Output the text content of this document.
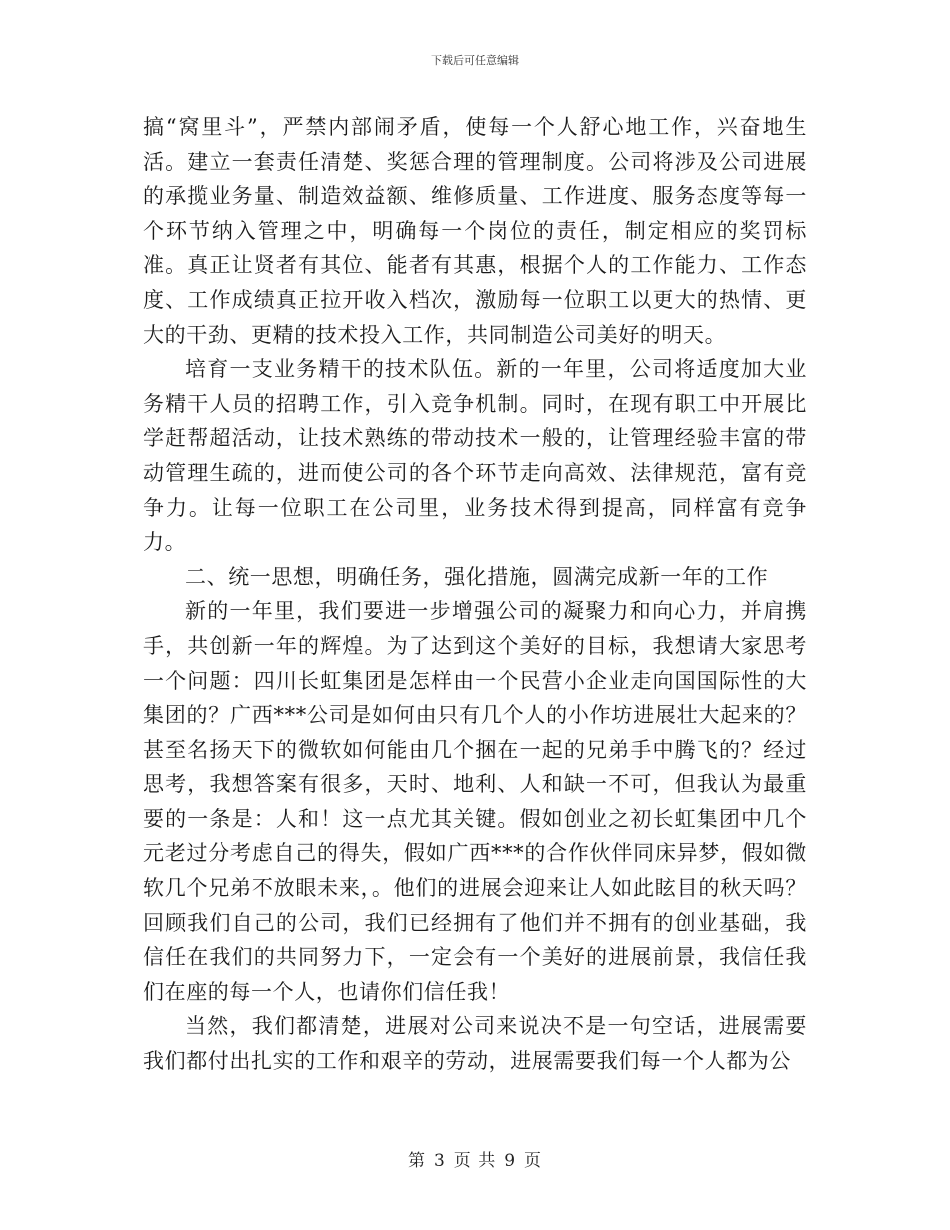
下载后可任意编辑

搞“窝里斗”，严禁内部闹矛盾，使每一个人舒心地工作，兴奋地生活。建立一套责任清楚、奖惩合理的管理制度。公司将涉及公司进展的承揽业务量、制造效益额、维修质量、工作进度、服务态度等每一个环节纳入管理之中，明确每一个岗位的责任，制定相应的奖罚标准。真正让贤者有其位、能者有其惠，根据个人的工作能力、工作态度、工作成绩真正拉开收入档次，激励每一位职工以更大的热情、更大的干劲、更精的技术投入工作，共同制造公司美好的明天。

培育一支业务精干的技术队伍。新的一年里，公司将适度加大业务精干人员的招聘工作，引入竞争机制。同时，在现有职工中开展比学赶帮超活动，让技术熟练的带动技术一般的，让管理经验丰富的带动管理生疏的，进而使公司的各个环节走向高效、法律规范，富有竞争力。让每一位职工在公司里，业务技术得到提高，同样富有竞争力。

二、统一思想，明确任务，强化措施，圆满完成新一年的工作

新的一年里，我们要进一步增强公司的凝聚力和向心力，并肩携手，共创新一年的辉煌。为了达到这个美好的目标，我想请大家思考一个问题：四川长虹集团是怎样由一个民营小企业走向国国际性的大集团的？广西***公司是如何由只有几个人的小作坊进展壮大起来的？甚至名扬天下的微软如何能由几个捆在一起的兄弟手中腾飞的？经过思考，我想答案有很多，天时、地利、人和缺一不可，但我认为最重要的一条是：人和！这一点尤其关键。假如创业之初长虹集团中几个元老过分考虑自己的得失，假如广西***的合作伙伴同床异梦，假如微软几个兄弟不放眼未来，。他们的进展会迎来让人如此眩目的秋天吗？回顾我们自己的公司，我们已经拥有了他们并不拥有的创业基础，我信任在我们的共同努力下，一定会有一个美好的进展前景，我信任我们在座的每一个人，也请你们信任我！

当然，我们都清楚，进展对公司来说决不是一句空话，进展需要我们都付出扎实的工作和艰辛的劳动，进展需要我们每一个人都为公

第 3 页 共 9 页
